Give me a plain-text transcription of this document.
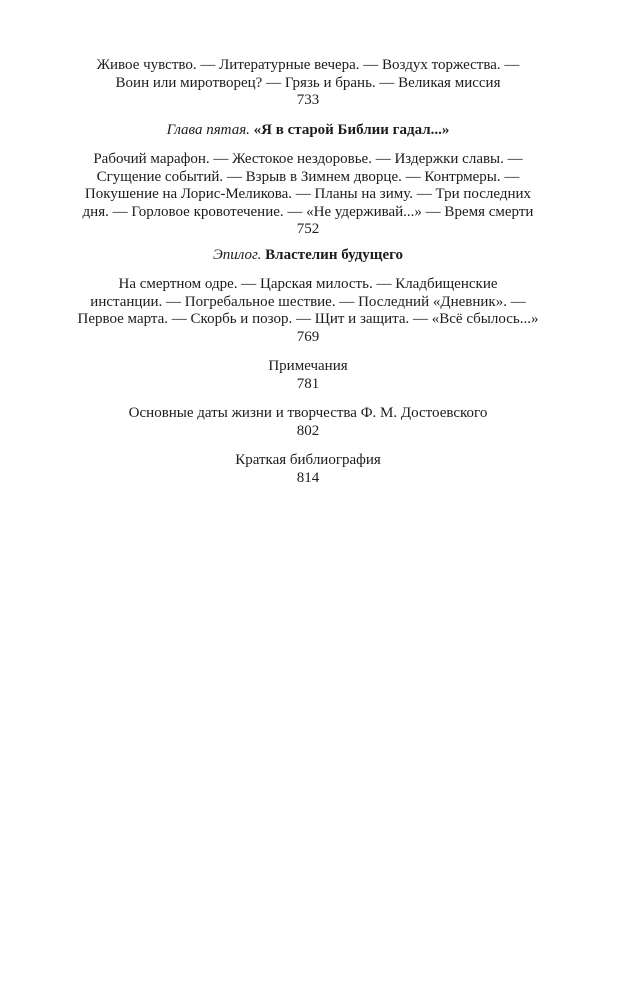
Живое чувство. — Литературные вечера. — Воздух торжества. —
Воин или миротворец? — Грязь и брань. — Великая миссия
733
Глава пятая. «Я в старой Библии гадал...»
Рабочий марафон. — Жестокое нездоровье. — Издержки славы. —
Сгущение событий. — Взрыв в Зимнем дворце. — Контрмеры. —
Покушение на Лорис-Меликова. — Планы на зиму. — Три последних
дня. — Горловое кровотечение. — «Не удерживай...» — Время смерти
752
Эпилог. Властелин будущего
На смертном одре. — Царская милость. — Кладбищенские
инстанции. — Погребальное шествие. — Последний «Дневник». —
Первое марта. — Скорбь и позор. — Щит и защита. — «Всё сбылось...»
769
Примечания
781
Основные даты жизни и творчества Ф. М. Достоевского
802
Краткая библиография
814
